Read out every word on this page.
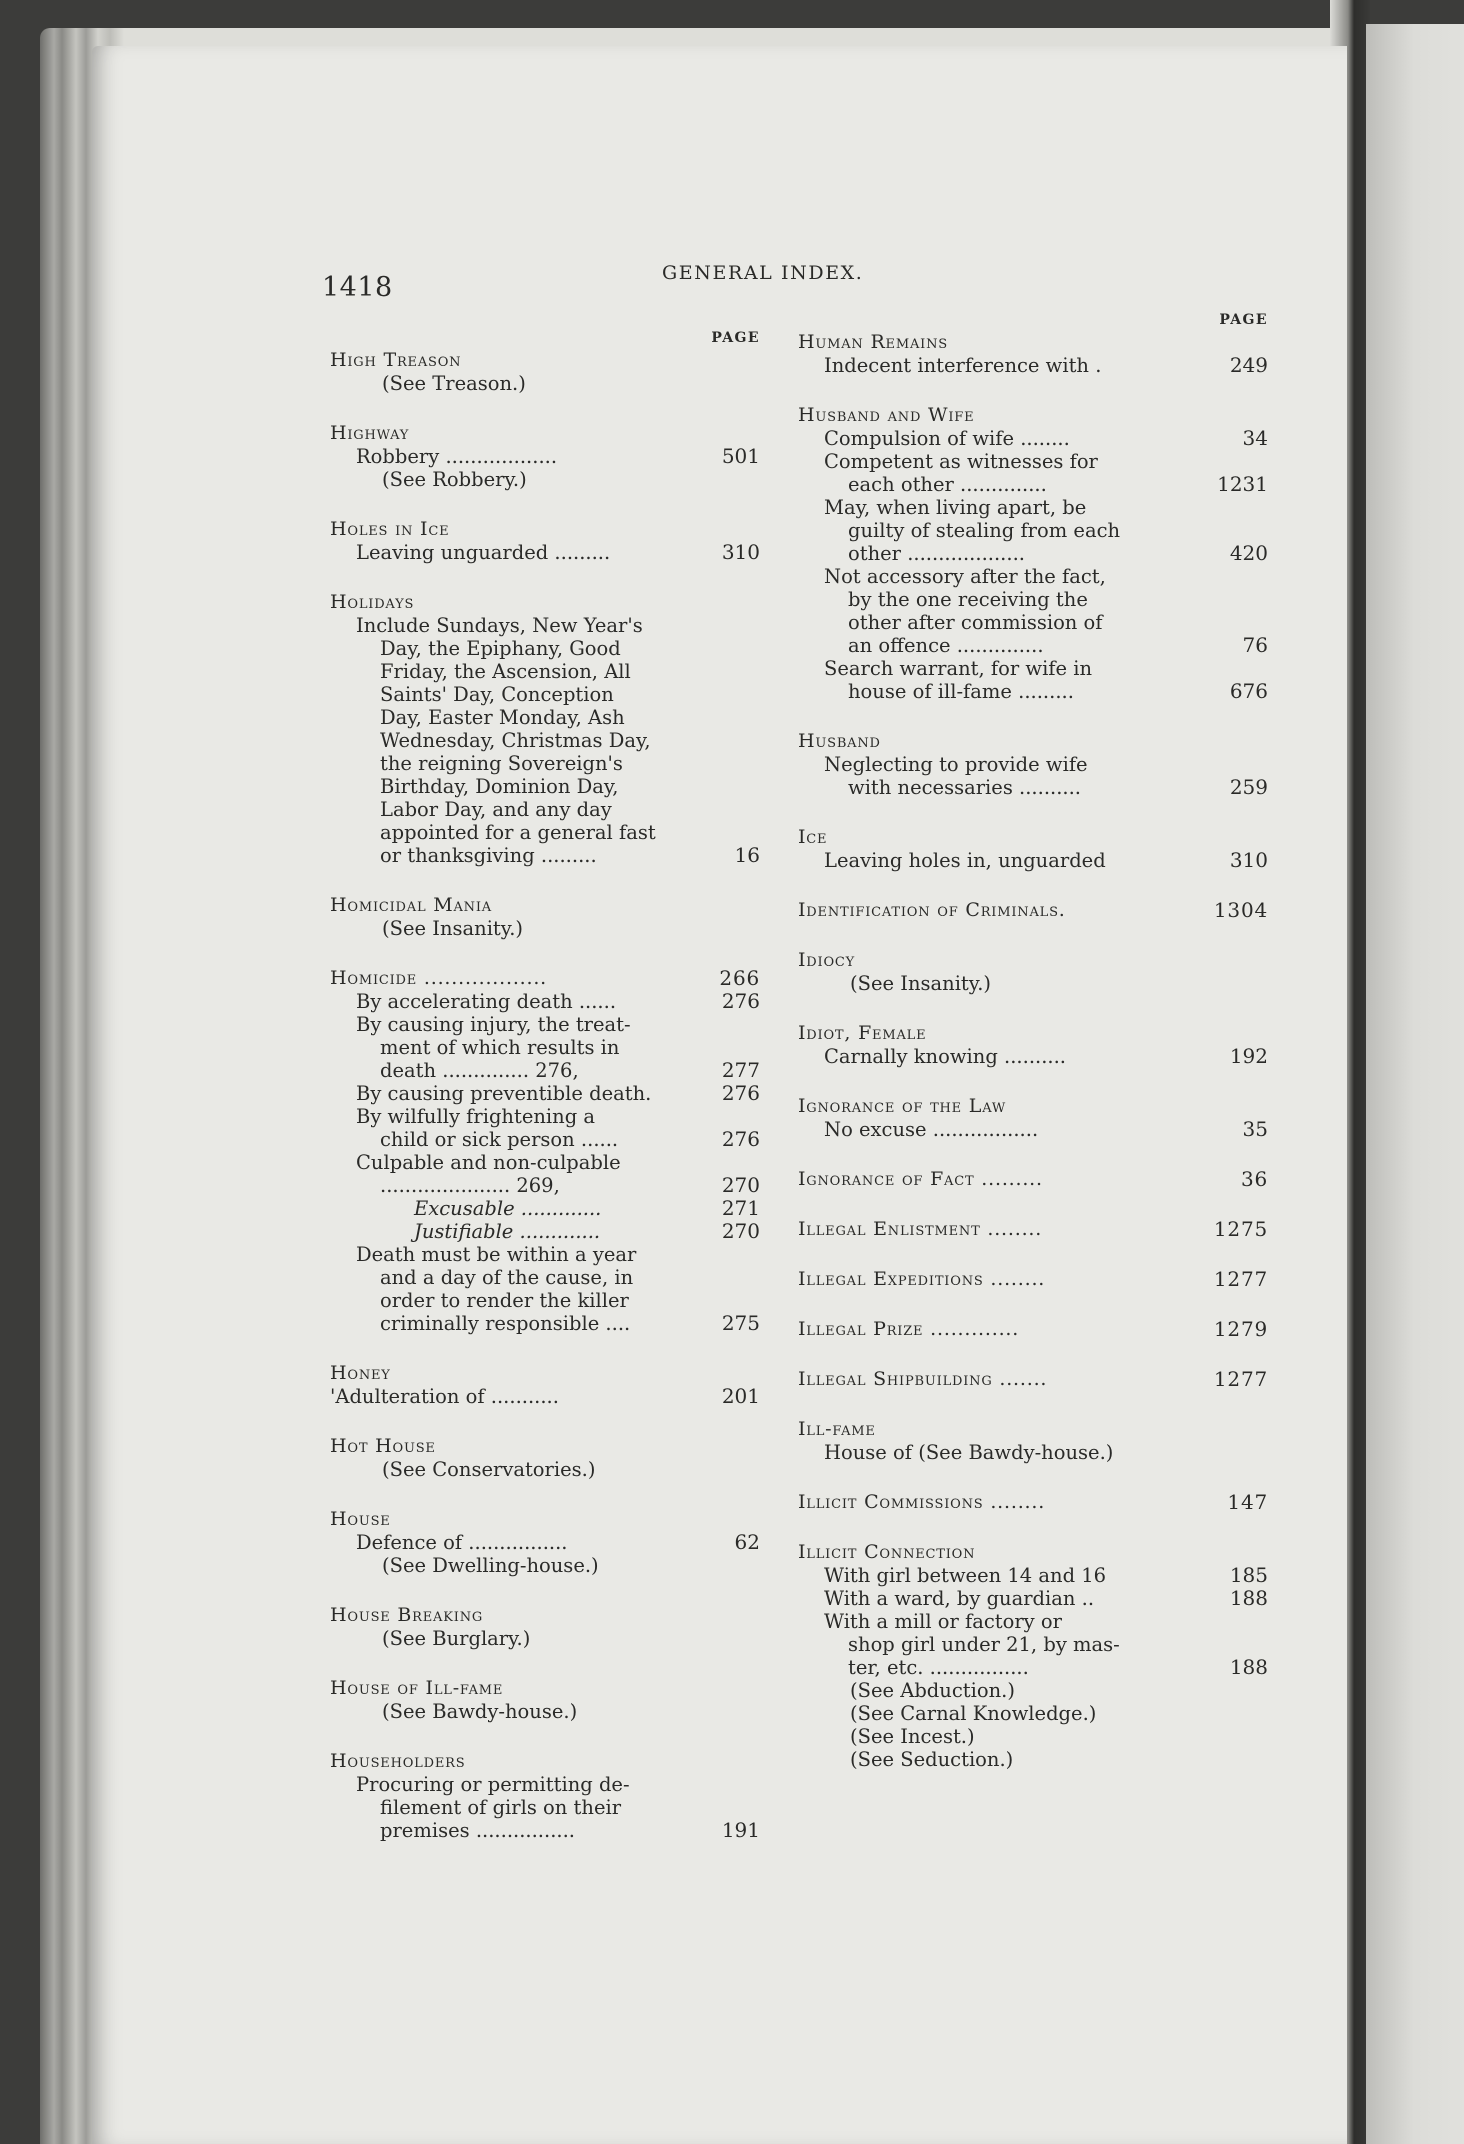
1418	GENERAL INDEX.
PAGE
High Treason
(See Treason.)
Highway
Robbery ..................	501
(See Robbery.)
Holes in Ice
Leaving unguarded .........	310
Holidays
Include Sundays, New Year's
Day, the Epiphany, Good
Friday, the Ascension, All
Saints' Day, Conception
Day, Easter Monday, Ash
Wednesday, Christmas Day,
the reigning Sovereign's
Birthday, Dominion Day,
Labor Day, and any day
appointed for a general fast
or thanksgiving .........	16
Homicidal Mania
(See Insanity.)
Homicide ..................	266
By accelerating death ......	276
By causing injury, the treat-
ment of which results in
death .............. 276,	277
By causing preventible death.	276
By wilfully frightening a
child or sick person ......	276
Culpable and non-culpable
..................... 269,	270
Excusable .............	271
Justifiable .............	270
Death must be within a year
and a day of the cause, in
order to render the killer
criminally responsible ....	275
Honey
'Adulteration of ...........	201
Hot House
(See Conservatories.)
House
Defence of ................	62
(See Dwelling-house.)
House Breaking
(See Burglary.)
House of Ill-fame
(See Bawdy-house.)
Householders
Procuring or permitting de-
filement of girls on their
premises ................	191
PAGE
Human Remains
Indecent interference with .	249
Husband and Wife
Compulsion of wife ........	34
Competent as witnesses for
each other ..............	1231
May, when living apart, be
guilty of stealing from each
other ...................	420
Not accessory after the fact,
by the one receiving the
other after commission of
an offence ..............	76
Search warrant, for wife in
house of ill-fame .........	676
Husband
Neglecting to provide wife
with necessaries ..........	259
Ice
Leaving holes in, unguarded	310
Identification of Criminals.	1304
Idiocy
(See Insanity.)
Idiot, Female
Carnally knowing ..........	192
Ignorance of the Law
No excuse .................	35
Ignorance of Fact .........	36
Illegal Enlistment ........	1275
Illegal Expeditions ........	1277
Illegal Prize .............	1279
Illegal Shipbuilding .......	1277
Ill-fame
House of (See Bawdy-house.)
Illicit Commissions ........	147
Illicit Connection
With girl between 14 and 16	185
With a ward, by guardian ..	188
With a mill or factory or
shop girl under 21, by mas-
ter, etc. ................	188
(See Abduction.)
(See Carnal Knowledge.)
(See Incest.)
(See Seduction.)
